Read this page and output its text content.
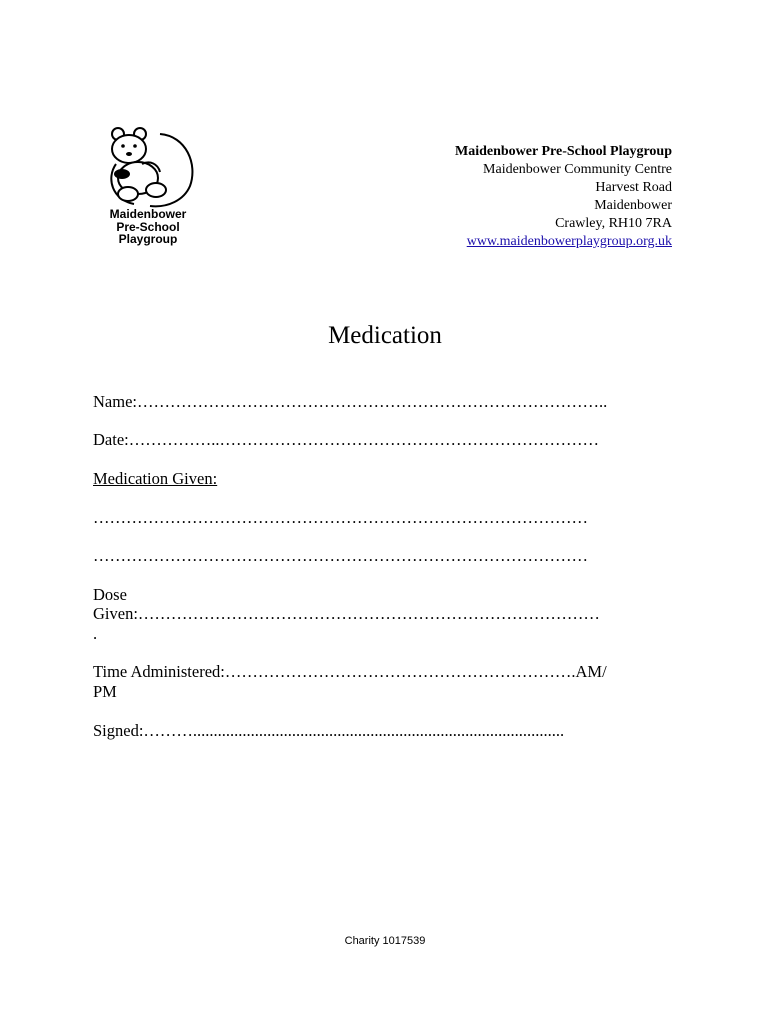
Maidenbower
Pre-School
Playgroup
Maidenbower Pre-School Playgroup
Maidenbower Community Centre
Harvest Road
Maidenbower
Crawley, RH10 7RA
www.maidenbowerplaygroup.org.uk
Medication
Name:…………………………………………………………………………..
Date:……………..……………………………………………………………
Medication Given:
………………………………………………………………………………
………………………………………………………………………………
Dose
Given:…………………………………………………………………………
.
Time Administered:……………………………………………………….AM/
PM
Signed:………..........................................................................................
Charity 1017539
